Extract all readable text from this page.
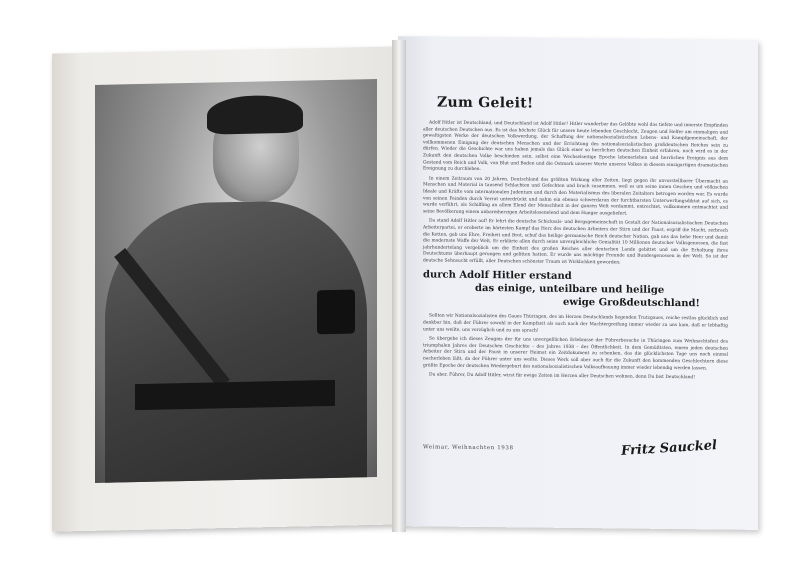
Zum Geleit!

Adolf Hitler ist Deutschland, und Deutschland ist Adolf Hitler! Hitler wunderbar das Gelöbte wohl das tiefste und innerste Empfinden aller deutschen Deutschen aus. Es ist das höchste Glück für unsere heute lebenden Geschlecht, Zeugen und Helfer am einmaligen und gewaltigsten Werke der deutschen Volkwerdung, der Schaffung der nationalsozialistischen Lebens- und Kampfgemeinschaft, der vollkommenen Einigung der deutschen Menschen und der Errichtung des nationalsozialistischen großdeutschen Reiches sein zu dürfen. Wieder die Geschichte war uns haben jemals das Glück einer so herrlichen deutschen Einheit erfahren, noch wird es in der Zukunft den deutschen Volke beschieden sein, selbst eine Wechselseitige Epoche lebenerleben und herrlichen Ereignis aus dem Gestand vom Reich und Volk, von Blut und Boden und die Ostmark unserer Werte unseres Volkes in diesem einzigartigen dramatischen Ereignung zu durchleben.

In einem Zeitraum von 20 Jahren, Deutschland das größten Wirkung aller Zeiten, liegt gegen ihr unvorstellbarer Übermacht an Menschen und Material in tausend Schlachten und Gefechten und brach zusammen, weil es um seine innen Geschen und völkischen Ideale und Kräfte vom internationalen Judentum und durch den Materialismus des liberalen Zeitalters betrogen worden war. Es wurde von seinen Feinden durch Verrat unterdrückt und nahm ein ebenso schwerdaran der furchtbarsten Unterwerfungsdiktat auf sich, es wurde verführt, als Schilfling an allem Elend der Menschheit in der ganzen Welt verdammt, entrechtet, vollkommen entmachtet und seine Bevölkerung einem unbarmherzigen Arbeitslosenelend und dem Hunger ausgeliefert.

Da stand Adolf Hitler auf! Er lehrt die deutsche Schicksals- und Bergsgemeinschaft in Gestalt der Nationalsozialistischen Deutschen Arbeiterpartei, er eroberte im härtesten Kampf das Herz des deutschen Arbeiters der Stirn und der Faust, ergriff die Macht, zerbrach die Ketten, gab uns Ehre, Freiheit und Brot, schuf das heilige germanische Reich deutscher Nation, gab uns das hehe Heer und damit die modernste Waffe der Welt. Er erklärte allen durch seine unvergleichliche Genialität 10 Millionen deutscher Volksgenossen, die fast jahrhundertelang vergeblich um die Einheit des großen Reiches aller deutschen Lande gebittet und um die Erhaltung ihres Deutschtums überhaupt gerungen und gelitten hatten. Er wurde uns mächtige Freunde und Bundesgenossen in der Welt. So ist der deutsche Sehnsucht erfüllt, aller Deutschen schönster Traum ist Wirklichkeit geworden:

durch Adolf Hitler erstand
das einige, unteilbare und heilige
ewige Großdeutschland!

Sollten wir Nationalsozialisten des Gaues Thüringen, des im Herzen Deutschlands liegenden Trutzgaues, reiche restlos glücklich und dankbar bin, daß der Führer sowohl in der Kampfzeit als auch nach der Machtergreifung immer wieder zu uns kam, daß er lebhaftig unter uns weilte, uns vorzüglich und zu uns sprach!

So übergebe ich dieses Zeugnis der für uns unvergeßlichen Erlebnisse der Führerbesuche in Thüringen zum Weihnachtsfest des triumphalen Jahres der Deutschen Geschichte – des Jahres 1938 – der Öffentlichkeit. In dem Gemüßtsten, einem jeden deutschen Arbeiter der Stirn und der Faust in unserer Heimat ein Zeitdokument zu schenken, das die glücklichsten Tage uns noch einmal nacherleben läßt, da der Führer unter uns weilte. Dieses Werk soll aber auch für die Zukunft den kommenden Geschlechtern diese größte Epoche der deutschen Wiedergeburt des nationalsozialistischen Volksaufbauung immer wieder lebendig werden lassen.

Du aber, Führer, Du Adolf Hitler, wirst für ewige Zeiten im Herzen aller Deutschen wohnen, denn Du bist Deutschland!

Weimar, Weihnachten 1938	Fritz Sauckel
